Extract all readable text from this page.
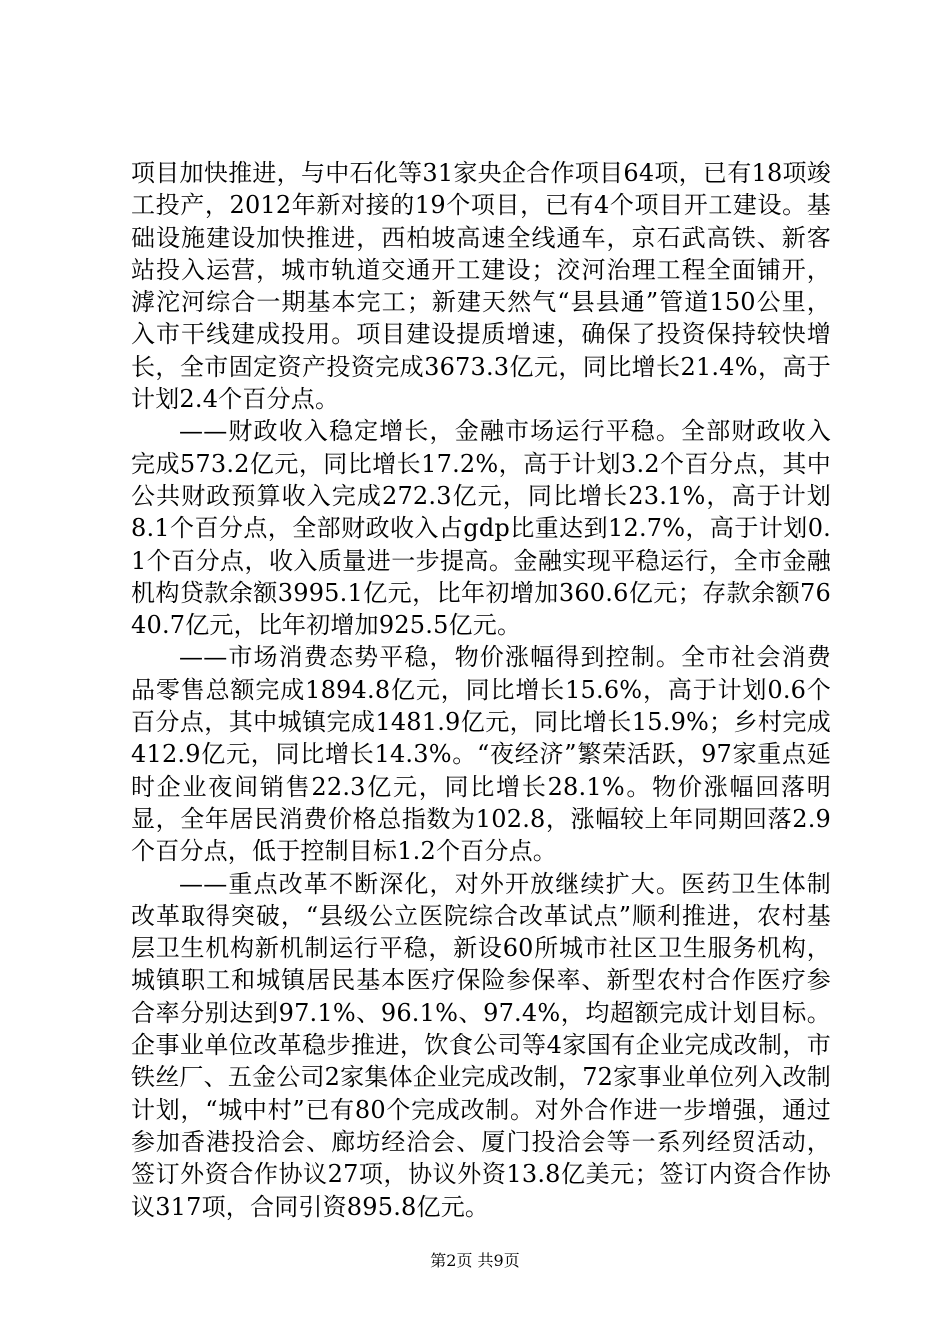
项目加快推进，与中石化等31家央企合作项目64项，已有18项竣工投产，2012年新对接的19个项目，已有4个项目开工建设。基础设施建设加快推进，西柏坡高速全线通车，京石武高铁、新客站投入运营，城市轨道交通开工建设；洨河治理工程全面铺开，滹沱河综合一期基本完工；新建天然气“县县通”管道150公里，入市干线建成投用。项目建设提质增速，确保了投资保持较快增长，全市固定资产投资完成3673.3亿元，同比增长21.4%，高于计划2.4个百分点。

——财政收入稳定增长，金融市场运行平稳。全部财政收入完成573.2亿元，同比增长17.2%，高于计划3.2个百分点，其中公共财政预算收入完成272.3亿元，同比增长23.1%，高于计划8.1个百分点，全部财政收入占gdp比重达到12.7%，高于计划0.1个百分点，收入质量进一步提高。金融实现平稳运行，全市金融机构贷款余额3995.1亿元，比年初增加360.6亿元；存款余额7640.7亿元，比年初增加925.5亿元。

——市场消费态势平稳，物价涨幅得到控制。全市社会消费品零售总额完成1894.8亿元，同比增长15.6%，高于计划0.6个百分点，其中城镇完成1481.9亿元，同比增长15.9%；乡村完成412.9亿元，同比增长14.3%。“夜经济”繁荣活跃，97家重点延时企业夜间销售22.3亿元，同比增长28.1%。物价涨幅回落明显，全年居民消费价格总指数为102.8，涨幅较上年同期回落2.9个百分点，低于控制目标1.2个百分点。

——重点改革不断深化，对外开放继续扩大。医药卫生体制改革取得突破，“县级公立医院综合改革试点”顺利推进，农村基层卫生机构新机制运行平稳，新设60所城市社区卫生服务机构，城镇职工和城镇居民基本医疗保险参保率、新型农村合作医疗参合率分别达到97.1%、96.1%、97.4%，均超额完成计划目标。企事业单位改革稳步推进，饮食公司等4家国有企业完成改制，市铁丝厂、五金公司2家集体企业完成改制，72家事业单位列入改制计划，“城中村”已有80个完成改制。对外合作进一步增强，通过参加香港投洽会、廊坊经洽会、厦门投洽会等一系列经贸活动，签订外资合作协议27项，协议外资13.8亿美元；签订内资合作协议317项，合同引资895.8亿元。

第2页 共9页
